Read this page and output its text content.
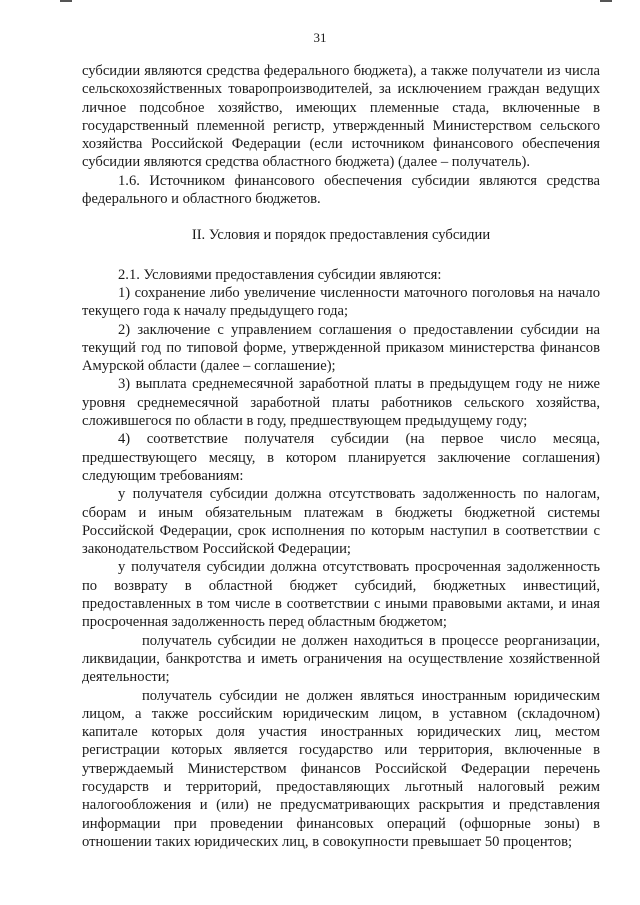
31

субсидии являются средства федерального бюджета), а также получатели из числа сельскохозяйственных товаропроизводителей, за исключением граждан ведущих личное подсобное хозяйство, имеющих племенные стада, включенные в государственный племенной регистр, утвержденный Министерством сельского хозяйства Российской Федерации (если источником финансового обеспечения субсидии являются средства областного бюджета) (далее – получатель).

1.6. Источником финансового обеспечения субсидии являются средства федерального и областного бюджетов.

II. Условия и порядок предоставления субсидии

2.1. Условиями предоставления субсидии являются:

1) сохранение либо увеличение численности маточного поголовья на начало текущего года к началу предыдущего года;

2) заключение с управлением соглашения о предоставлении субсидии на текущий год по типовой форме, утвержденной приказом министерства финансов Амурской области (далее – соглашение);

3) выплата среднемесячной заработной платы в предыдущем году не ниже уровня среднемесячной заработной платы работников сельского хозяйства, сложившегося по области в году, предшествующем предыдущему году;

4) соответствие получателя субсидии (на первое число месяца, предшествующего месяцу, в котором планируется заключение соглашения) следующим требованиям:

у получателя субсидии должна отсутствовать задолженность по налогам, сборам и иным обязательным платежам в бюджеты бюджетной системы Российской Федерации, срок исполнения по которым наступил в соответствии с законодательством Российской Федерации;

у получателя субсидии должна отсутствовать просроченная задолженность по возврату в областной бюджет субсидий, бюджетных инвестиций, предоставленных в том числе в соответствии с иными правовыми актами, и иная просроченная задолженность перед областным бюджетом;

получатель субсидии не должен находиться в процессе реорганизации, ликвидации, банкротства и иметь ограничения на осуществление хозяйственной деятельности;

получатель субсидии не должен являться иностранным юридическим лицом, а также российским юридическим лицом, в уставном (складочном) капитале которых доля участия иностранных юридических лиц, местом регистрации которых является государство или территория, включенные в утверждаемый Министерством финансов Российской Федерации перечень государств и территорий, предоставляющих льготный налоговый режим налогообложения и (или) не предусматривающих раскрытия и представления информации при проведении финансовых операций (офшорные зоны) в отношении таких юридических лиц, в совокупности превышает 50 процентов;
